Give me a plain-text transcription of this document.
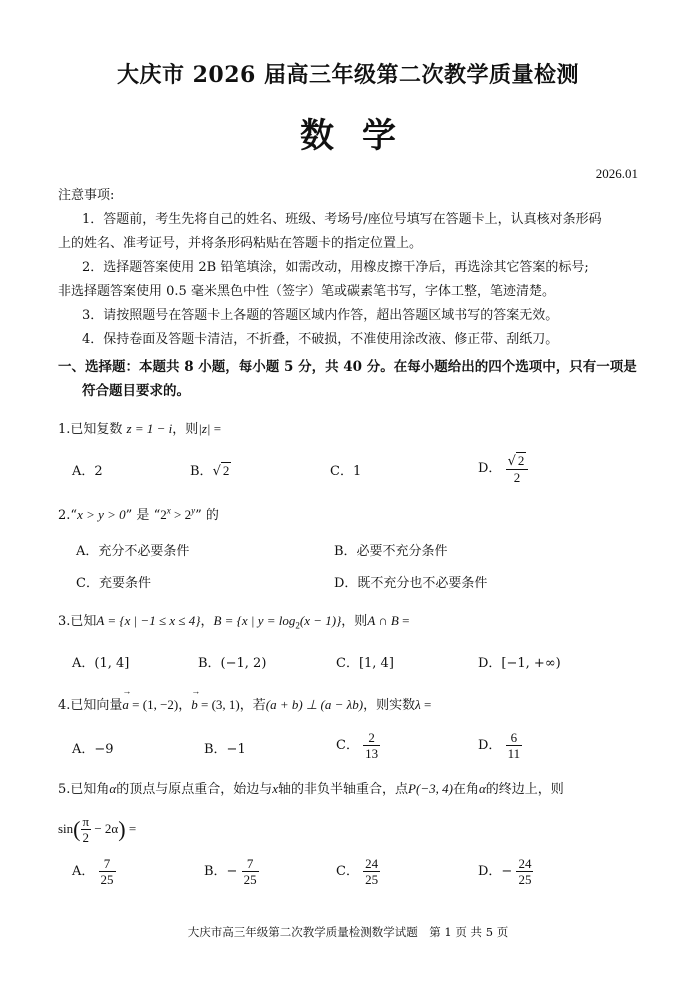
大庆市 2026 届高三年级第二次教学质量检测
数学
2026.01
注意事项:
1．答题前，考生先将自己的姓名、班级、考场号/座位号填写在答题卡上，认真核对条形码
上的姓名、准考证号，并将条形码粘贴在答题卡的指定位置上。
2．选择题答案使用 2B 铅笔填涂，如需改动，用橡皮擦干净后，再选涂其它答案的标号;
非选择题答案使用 0.5 毫米黑色中性（签字）笔或碳素笔书写，字体工整，笔迹清楚。
3．请按照题号在答题卡上各题的答题区域内作答，超出答题区域书写的答案无效。
4．保持卷面及答题卡清洁，不折叠，不破损，不准使用涂改液、修正带、刮纸刀。
一、选择题：本题共 8 小题，每小题 5 分，共 40 分。在每小题给出的四个选项中，只有一项是
符合题目要求的。
1.已知复数 z = 1 − i，则|z| =
A．2	B．√ 2	C．1	D． $\frac{√ 2}{2}$
2.“x > y > 0” 是 “$2^x > 2^y$” 的
A．充分不必要条件	B．必要不充分条件
C．充要条件	D．既不充分也不必要条件
3.已知A = {x | −1 ≤ x ≤ 4}，B = {x | $y = \log_2(x - 1)$}，则A ∩ B =
A．(1, 4]	B．(−1, 2)	C．[1, 4]	D．[−1, +∞)
4.已知向量→ a = (1, −2)，→ b = (3, 1)，若(a + b) ⊥ (a − λb)，则实数λ =
A．−9	B．−1	C． $\frac{2}{13}$	D． $\frac{6}{11}$
5.已知角α的顶点与原点重合，始边与x轴的非负半轴重合，点P(−3, 4)在角α的终边上，则
$\sin( \frac{\pi}{2} - 2\alpha)$ =
A． $\frac{7}{25}$	B．− $\frac{7}{25}$	C． $\frac{24}{25}$	D．− $\frac{24}{25}$
大庆市高三年级第二次教学质量检测数学试题　第 1 页 共 5 页
